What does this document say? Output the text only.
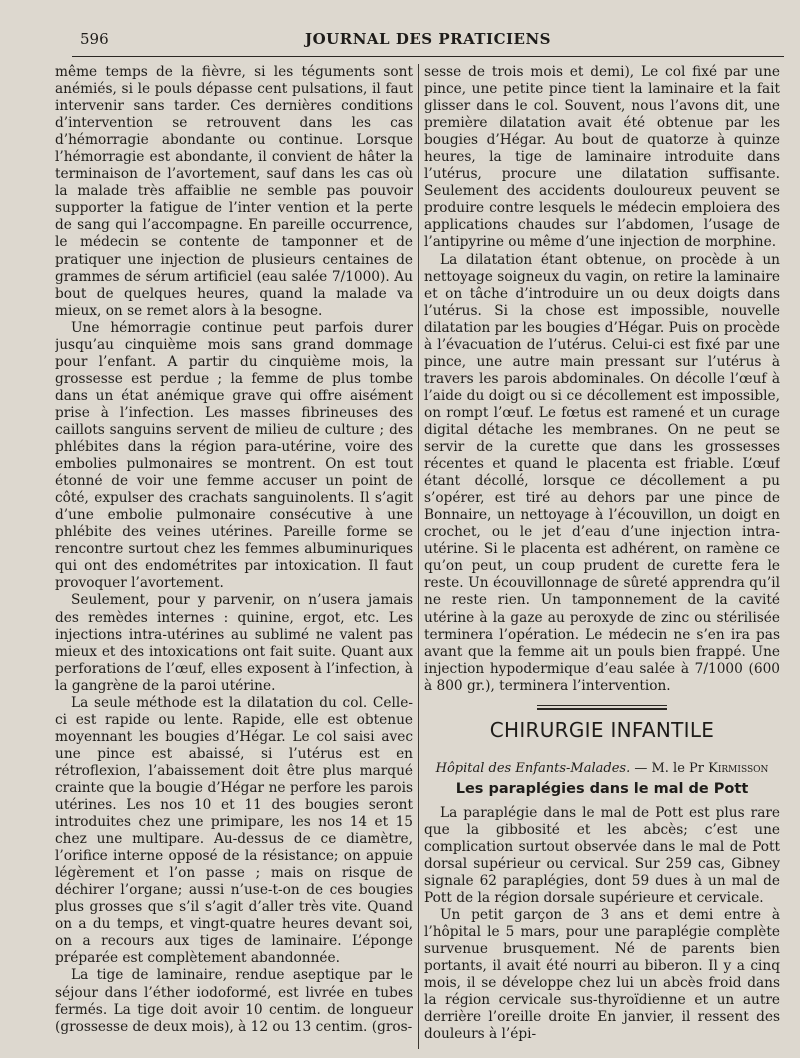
596	JOURNAL DES PRATICIENS

même temps de la fièvre, si les téguments sont anémiés, si le pouls dépasse cent pulsations, il faut intervenir sans tarder. Ces dernières conditions d’intervention se retrouvent dans les cas d’hémorragie abondante ou continue. Lorsque l’hémorragie est abondante, il convient de hâter la terminaison de l’avortement, sauf dans les cas où la malade très affaiblie ne semble pas pouvoir supporter la fatigue de l’inter vention et la perte de sang qui l’accompagne. En pareille occurrence, le médecin se contente de tamponner et de pratiquer une injection de plusieurs centaines de grammes de sérum artificiel (eau salée 7/1000). Au bout de quelques heures, quand la malade va mieux, on se remet alors à la besogne.

Une hémorragie continue peut parfois durer jusqu’au cinquième mois sans grand dommage pour l’enfant. A partir du cinquième mois, la grossesse est perdue ; la femme de plus tombe dans un état anémique grave qui offre aisément prise à l’infection. Les masses fibrineuses des caillots sanguins servent de milieu de culture ; des phlébites dans la région para-utérine, voire des embolies pulmonaires se montrent. On est tout étonné de voir une femme accuser un point de côté, expulser des crachats sanguinolents. Il s’agit d’une embolie pulmonaire consécutive à une phlébite des veines utérines. Pareille forme se rencontre surtout chez les femmes albuminuriques qui ont des endométrites par intoxication. Il faut provoquer l’avortement.

Seulement, pour y parvenir, on n’usera jamais des remèdes internes : quinine, ergot, etc. Les injections intra-utérines au sublimé ne valent pas mieux et des intoxications ont fait suite. Quant aux perforations de l’œuf, elles exposent à l’infection, à la gangrène de la paroi utérine.

La seule méthode est la dilatation du col. Celle-ci est rapide ou lente. Rapide, elle est obtenue moyennant les bougies d’Hégar. Le col saisi avec une pince est abaissé, si l’utérus est en rétroflexion, l’abaissement doit être plus marqué crainte que la bougie d’Hégar ne perfore les parois utérines. Les nos 10 et 11 des bougies seront introduites chez une primipare, les nos 14 et 15 chez une multipare. Au-dessus de ce diamètre, l’orifice interne opposé de la résistance; on appuie légèrement et l’on passe ; mais on risque de déchirer l’organe; aussi n’use-t-on de ces bougies plus grosses que s’il s’agit d’aller très vite. Quand on a du temps, et vingt-quatre heures devant soi, on a recours aux tiges de laminaire. L’éponge préparée est complètement abandonnée.

La tige de laminaire, rendue aseptique par le séjour dans l’éther iodoformé, est livrée en tubes fermés. La tige doit avoir 10 centim. de longueur (grossesse de deux mois), à 12 ou 13 centim. (gros-

sesse de trois mois et demi), Le col fixé par une pince, une petite pince tient la laminaire et la fait glisser dans le col. Souvent, nous l’avons dit, une première dilatation avait été obtenue par les bougies d’Hégar. Au bout de quatorze à quinze heures, la tige de laminaire introduite dans l’utérus, procure une dilatation suffisante. Seulement des accidents douloureux peuvent se produire contre lesquels le médecin emploiera des applications chaudes sur l’abdomen, l’usage de l’antipyrine ou même d’une injection de morphine.

La dilatation étant obtenue, on procède à un nettoyage soigneux du vagin, on retire la laminaire et on tâche d’introduire un ou deux doigts dans l’utérus. Si la chose est impossible, nouvelle dilatation par les bougies d’Hégar. Puis on procède à l’évacuation de l’utérus. Celui-ci est fixé par une pince, une autre main pressant sur l’utérus à travers les parois abdominales. On décolle l’œuf à l’aide du doigt ou si ce décollement est impossible, on rompt l’œuf. Le fœtus est ramené et un curage digital détache les membranes. On ne peut se servir de la curette que dans les grossesses récentes et quand le placenta est friable. L’œuf étant décollé, lorsque ce décollement a pu s’opérer, est tiré au dehors par une pince de Bonnaire, un nettoyage à l’écouvillon, un doigt en crochet, ou le jet d’eau d’une injection intra-utérine. Si le placenta est adhérent, on ramène ce qu’on peut, un coup prudent de curette fera le reste. Un écouvillonnage de sûreté apprendra qu’il ne reste rien. Un tamponnement de la cavité utérine à la gaze au peroxyde de zinc ou stérilisée terminera l’opération. Le médecin ne s’en ira pas avant que la femme ait un pouls bien frappé. Une injection hypodermique d’eau salée à 7/1000 (600 à 800 gr.), terminera l’intervention.

CHIRURGIE INFANTILE

Hôpital des Enfants-Malades. — M. le Pr Kirmisson

Les paraplégies dans le mal de Pott

La paraplégie dans le mal de Pott est plus rare que la gibbosité et les abcès; c’est une complication surtout observée dans le mal de Pott dorsal supérieur ou cervical. Sur 259 cas, Gibney signale 62 paraplégies, dont 59 dues à un mal de Pott de la région dorsale supérieure et cervicale.

Un petit garçon de 3 ans et demi entre à l’hôpital le 5 mars, pour une paraplégie complète survenue brusquement. Né de parents bien portants, il avait été nourri au biberon. Il y a cinq mois, il se développe chez lui un abcès froid dans la région cervicale sus-thyroïdienne et un autre derrière l’oreille droite En janvier, il ressent des douleurs à l’épi-
